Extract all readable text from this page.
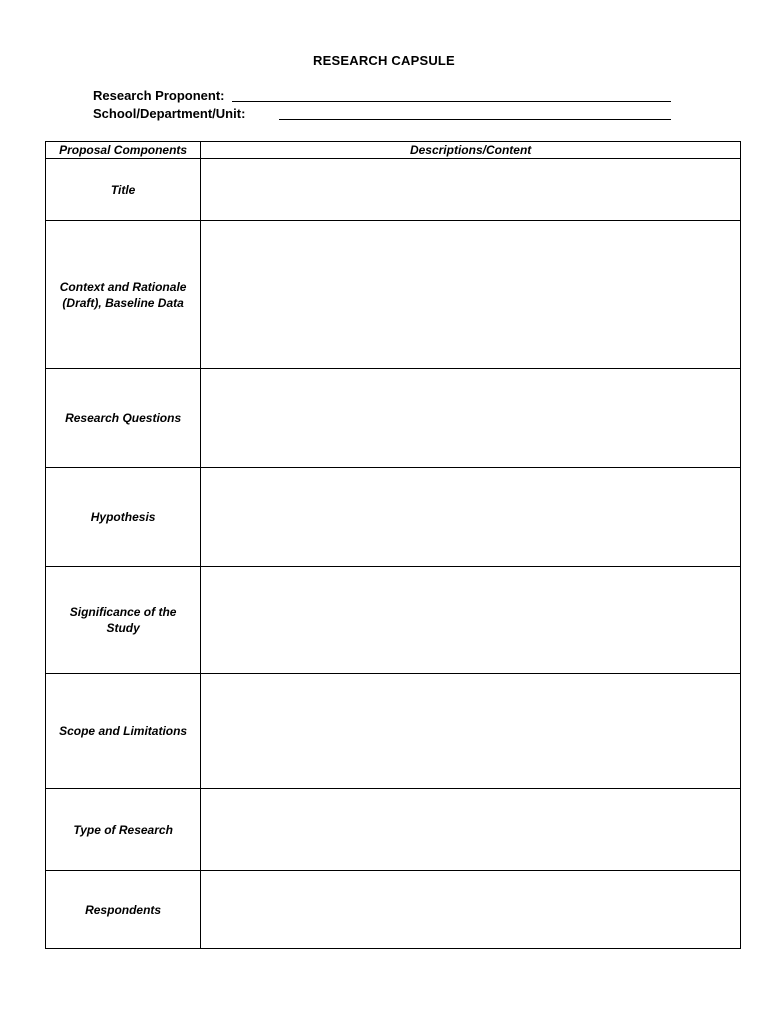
RESEARCH CAPSULE
Research Proponent:
School/Department/Unit:
Proposal Components	Descriptions/Content

Title	

Context and Rationale (Draft), Baseline Data	

Research Questions	

Hypothesis	

Significance of the Study	

Scope and Limitations	

Type of Research	

Respondents	
